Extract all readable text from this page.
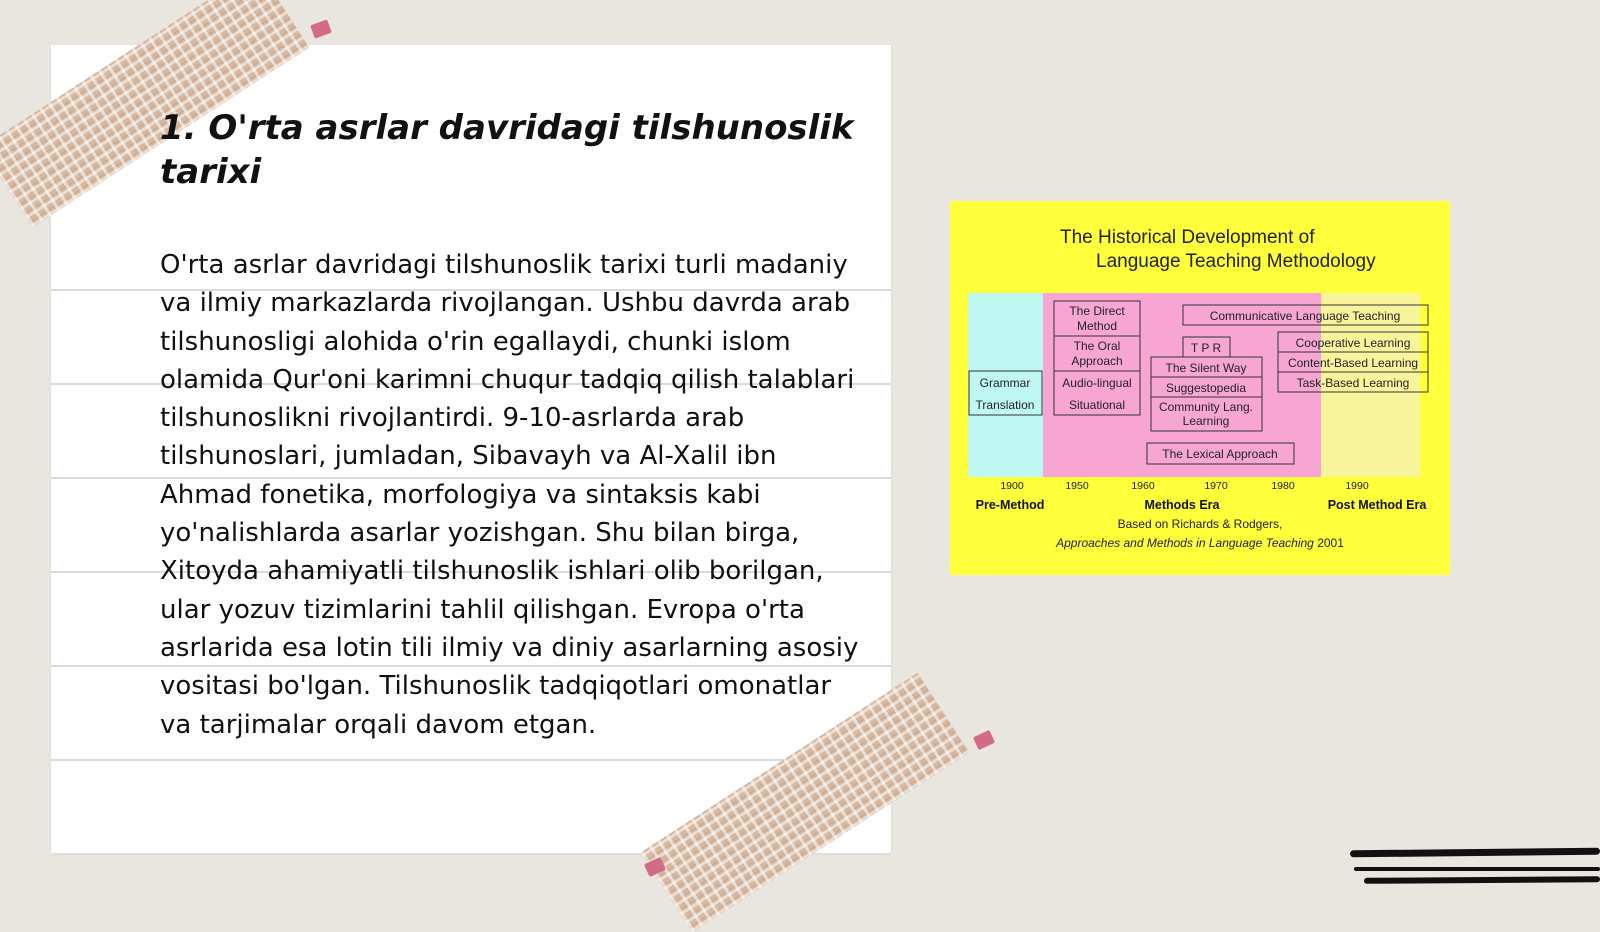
1. O'rta asrlar davridagi tilshunoslik tarixi

O'rta asrlar davridagi tilshunoslik tarixi turli madaniy va ilmiy markazlarda rivojlangan. Ushbu davrda arab tilshunosligi alohida o'rin egallaydi, chunki islom olamida Qur'oni karimni chuqur tadqiq qilish talablari tilshunoslikni rivojlantirdi. 9-10-asrlarda arab tilshunoslari, jumladan, Sibavayh va Al-Xalil ibn Ahmad fonetika, morfologiya va sintaksis kabi yo'nalishlarda asarlar yozishgan. Shu bilan birga, Xitoyda ahamiyatli tilshunoslik ishlari olib borilgan, ular yozuv tizimlarini tahlil qilishgan. Evropa o'rta asrlarida esa lotin tili ilmiy va diniy asarlarning asosiy vositasi bo'lgan. Tilshunoslik tadqiqotlari omonatlar va tarjimalar orqali davom etgan.

The Historical Development of
Language Teaching Methodology
Grammar
Translation
The Direct
Method
The Oral
Approach
Audio-lingual
Situational
T P R
The Silent Way
Suggestopedia
Community Lang.
Learning
The Lexical Approach
Communicative Language Teaching
Cooperative Learning
Content-Based Learning
Task-Based Learning
1900	1950	1960	1970	1980	1990
Pre-Method	Methods Era	Post Method Era
Based on Richards & Rodgers,
Approaches and Methods in Language Teaching 2001
